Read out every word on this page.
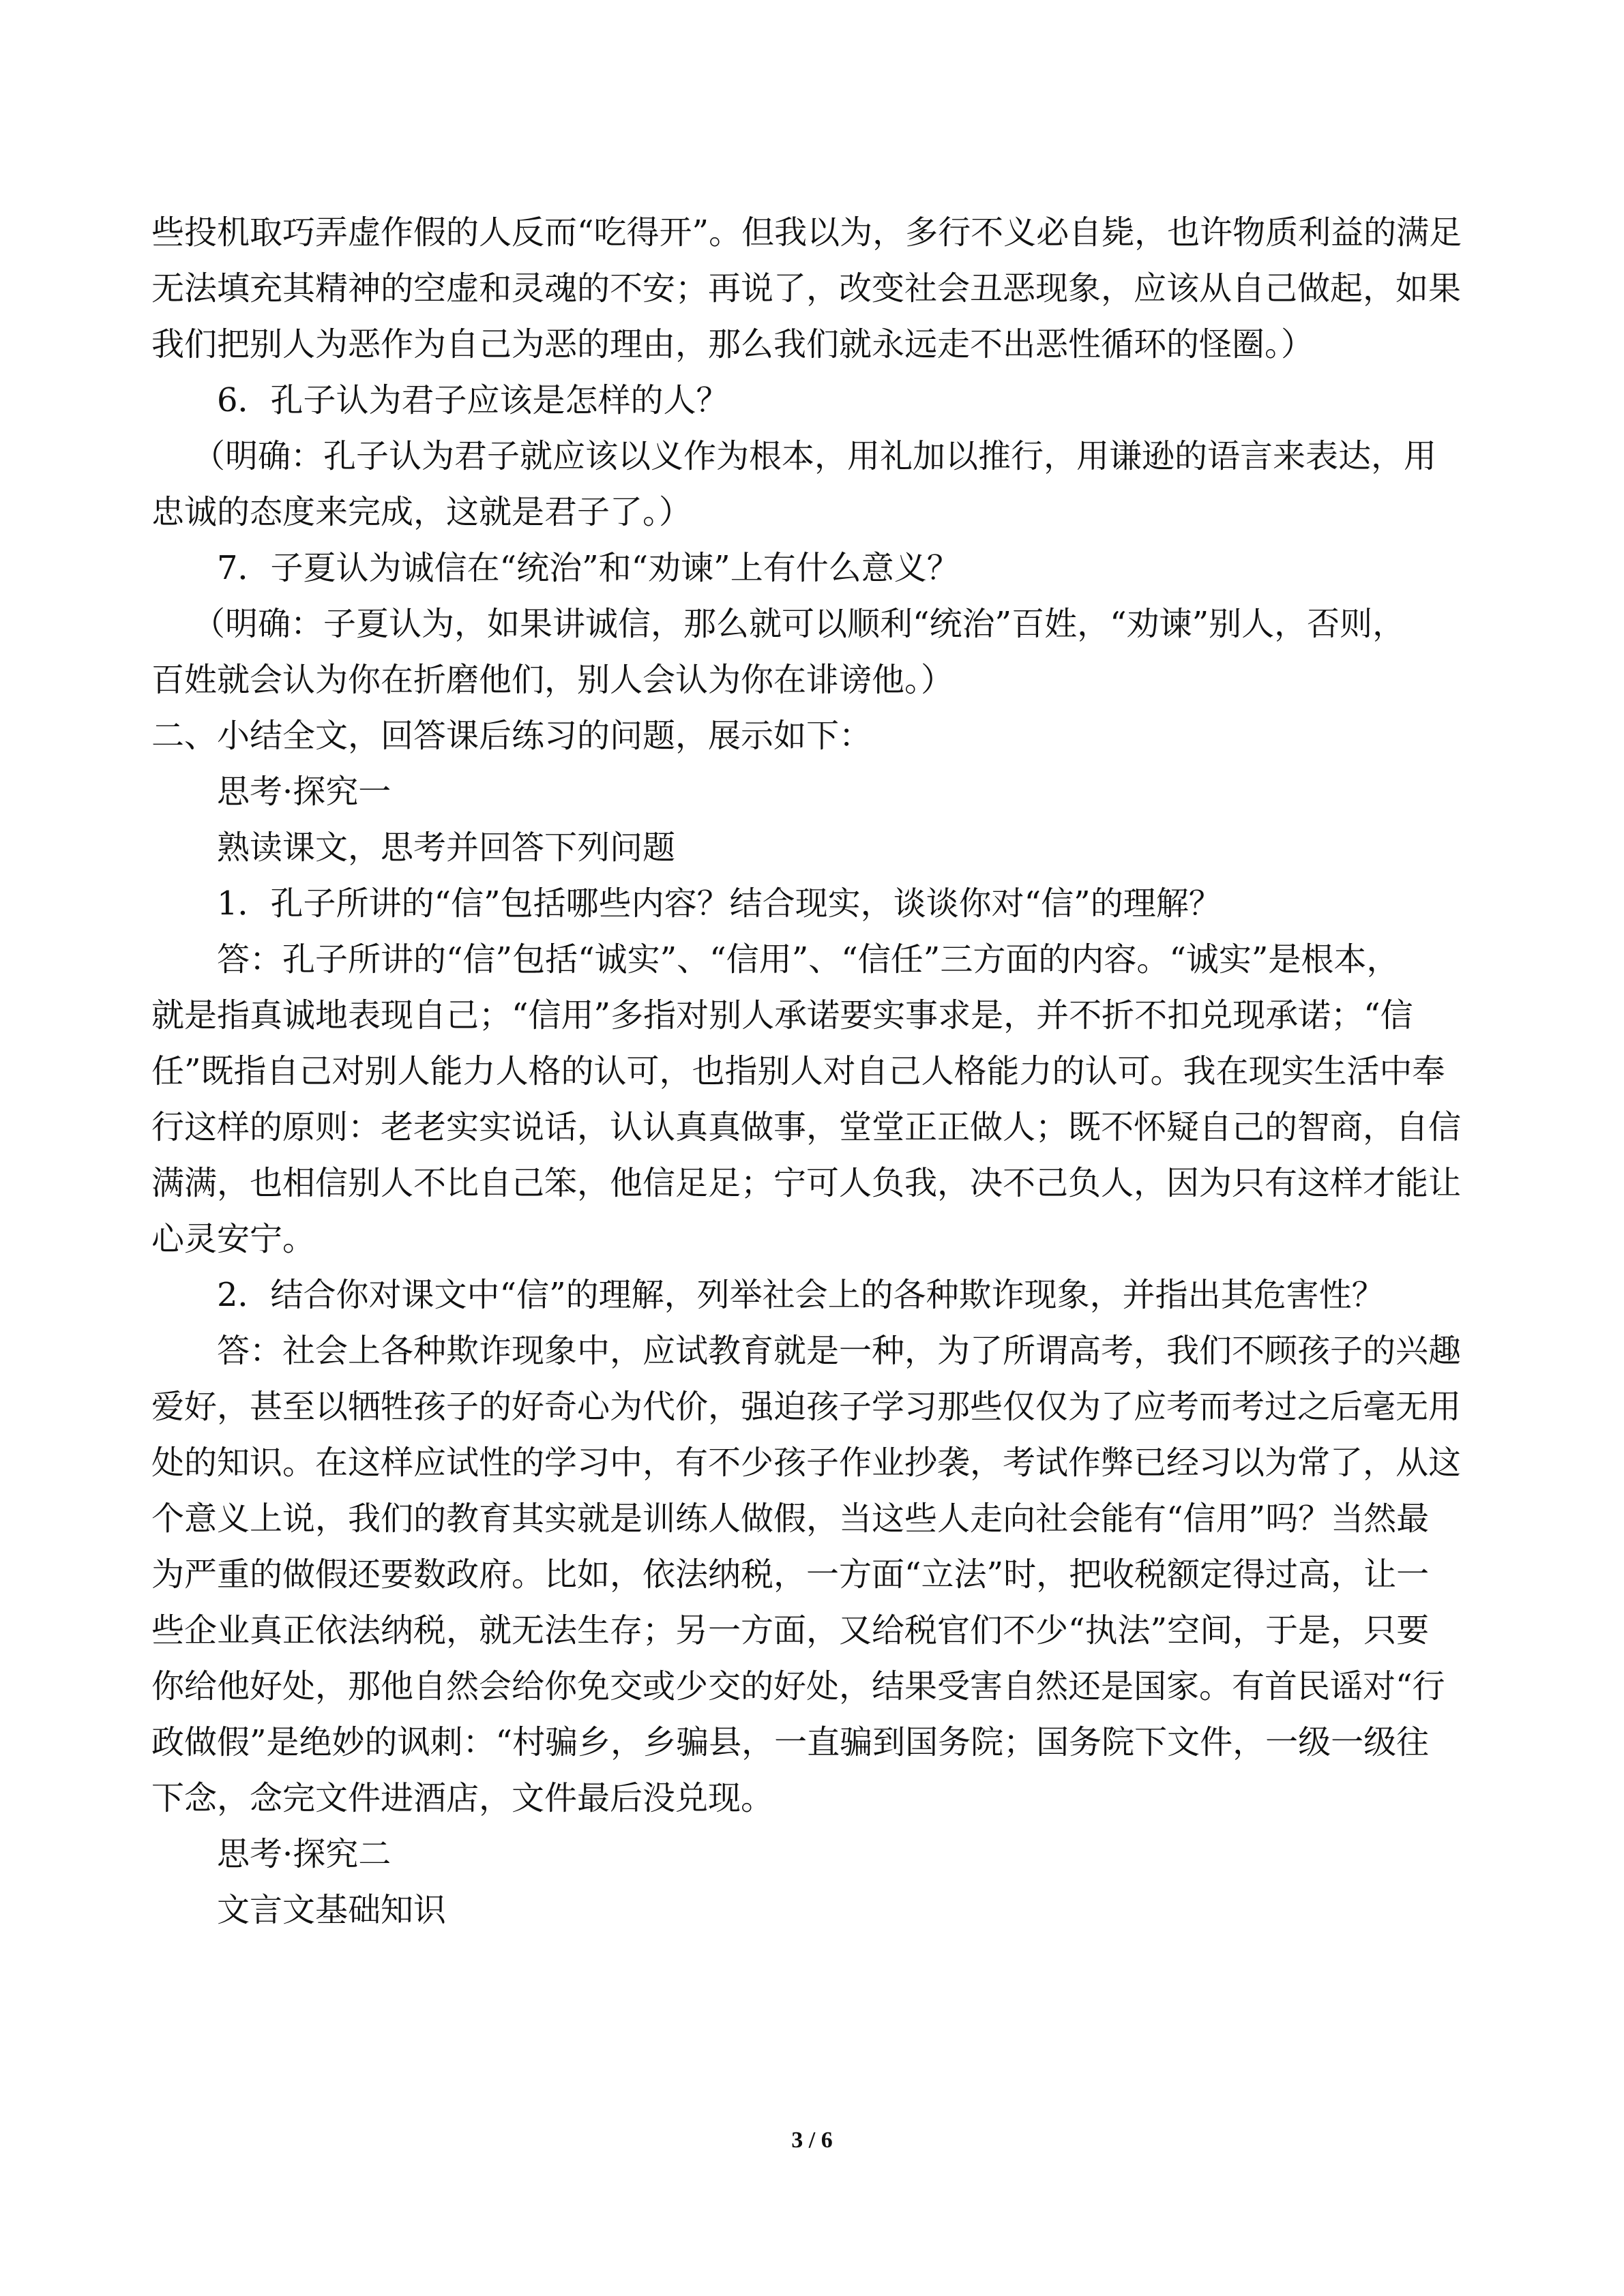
些投机取巧弄虚作假的人反而“吃得开”。但我以为，多行不义必自毙，也许物质利益的满足

无法填充其精神的空虚和灵魂的不安；再说了，改变社会丑恶现象，应该从自己做起，如果

我们把别人为恶作为自己为恶的理由，那么我们就永远走不出恶性循环的怪圈。）

6．孔子认为君子应该是怎样的人？

（明确：孔子认为君子就应该以义作为根本，用礼加以推行，用谦逊的语言来表达，用

忠诚的态度来完成，这就是君子了。）

7．子夏认为诚信在“统治”和“劝谏”上有什么意义？

（明确：子夏认为，如果讲诚信，那么就可以顺利“统治”百姓，“劝谏”别人，否则，

百姓就会认为你在折磨他们，别人会认为你在诽谤他。）

二、小结全文，回答课后练习的问题，展示如下：

思考·探究一

熟读课文，思考并回答下列问题

1．孔子所讲的“信”包括哪些内容？结合现实，谈谈你对“信”的理解？

答：孔子所讲的“信”包括“诚实”、“信用”、“信任”三方面的内容。“诚实”是根本，

就是指真诚地表现自己；“信用”多指对别人承诺要实事求是，并不折不扣兑现承诺；“信

任”既指自己对别人能力人格的认可，也指别人对自己人格能力的认可。我在现实生活中奉

行这样的原则：老老实实说话，认认真真做事，堂堂正正做人；既不怀疑自己的智商，自信

满满，也相信别人不比自己笨，他信足足；宁可人负我，决不己负人，因为只有这样才能让

心灵安宁。

2．结合你对课文中“信”的理解，列举社会上的各种欺诈现象，并指出其危害性？

答：社会上各种欺诈现象中，应试教育就是一种，为了所谓高考，我们不顾孩子的兴趣

爱好，甚至以牺牲孩子的好奇心为代价，强迫孩子学习那些仅仅为了应考而考过之后毫无用

处的知识。在这样应试性的学习中，有不少孩子作业抄袭，考试作弊已经习以为常了，从这

个意义上说，我们的教育其实就是训练人做假，当这些人走向社会能有“信用”吗？当然最

为严重的做假还要数政府。比如，依法纳税，一方面“立法”时，把收税额定得过高，让一

些企业真正依法纳税，就无法生存；另一方面，又给税官们不少“执法”空间，于是，只要

你给他好处，那他自然会给你免交或少交的好处，结果受害自然还是国家。有首民谣对“行

政做假”是绝妙的讽刺：“村骗乡，乡骗县，一直骗到国务院；国务院下文件，一级一级往

下念，念完文件进酒店，文件最后没兑现。

思考·探究二

文言文基础知识

3 / 6
